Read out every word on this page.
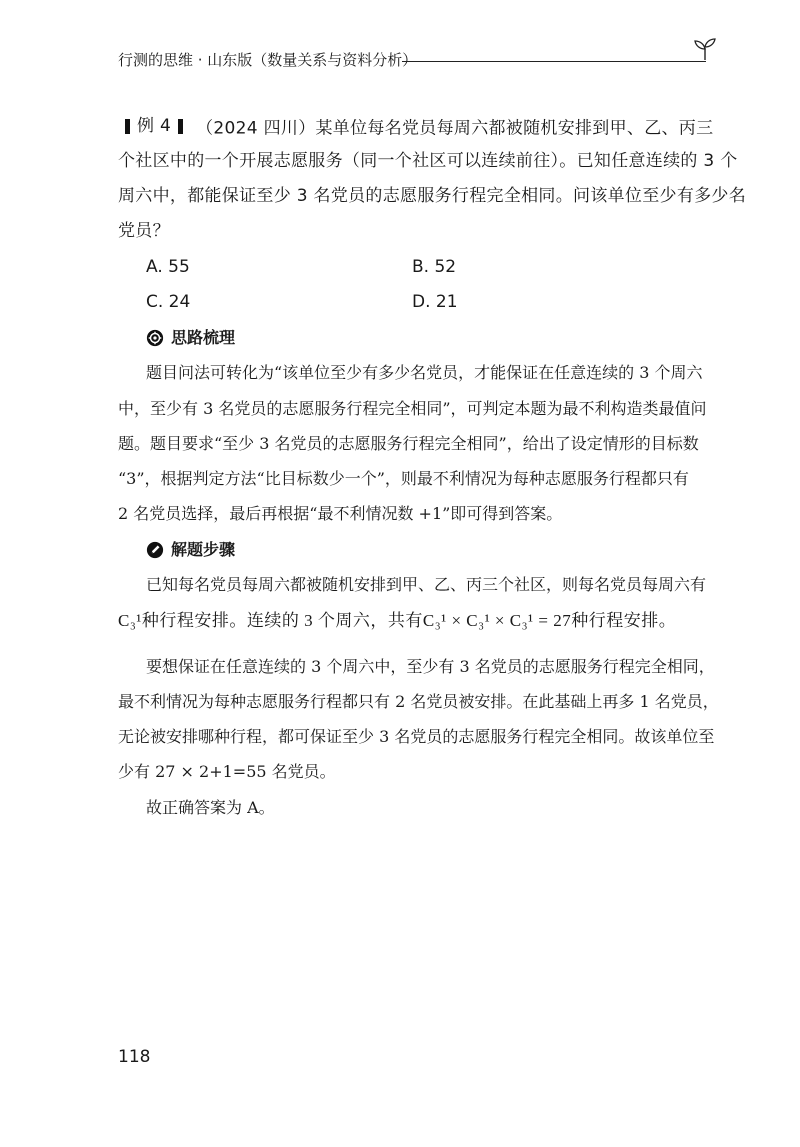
行测的思维 · 山东版（数量关系与资料分析）
例 4 （2024 四川）某单位每名党员每周六都被随机安排到甲、乙、丙三
个社区中的一个开展志愿服务（同一个社区可以连续前往）。已知任意连续的 3 个
周六中，都能保证至少 3 名党员的志愿服务行程完全相同。问该单位至少有多少名
党员？
A. 55	B. 52
C. 24	D. 21
思路梳理
题目问法可转化为“该单位至少有多少名党员，才能保证在任意连续的 3 个周六
中，至少有 3 名党员的志愿服务行程完全相同”，可判定本题为最不利构造类最值问
题。题目要求“至少 3 名党员的志愿服务行程完全相同”，给出了设定情形的目标数
“3”，根据判定方法“比目标数少一个”，则最不利情况为每种志愿服务行程都只有
2 名党员选择，最后再根据“最不利情况数 +1”即可得到答案。
解题步骤
已知每名党员每周六都被随机安排到甲、乙、丙三个社区，则每名党员每周六有
C₃¹种行程安排。连续的 3 个周六，共有C₃¹ × C₃¹ × C₃¹ = 27种行程安排。
要想保证在任意连续的 3 个周六中，至少有 3 名党员的志愿服务行程完全相同，
最不利情况为每种志愿服务行程都只有 2 名党员被安排。在此基础上再多 1 名党员，
无论被安排哪种行程，都可保证至少 3 名党员的志愿服务行程完全相同。故该单位至
少有 27 × 2+1=55 名党员。
故正确答案为 A。
118
